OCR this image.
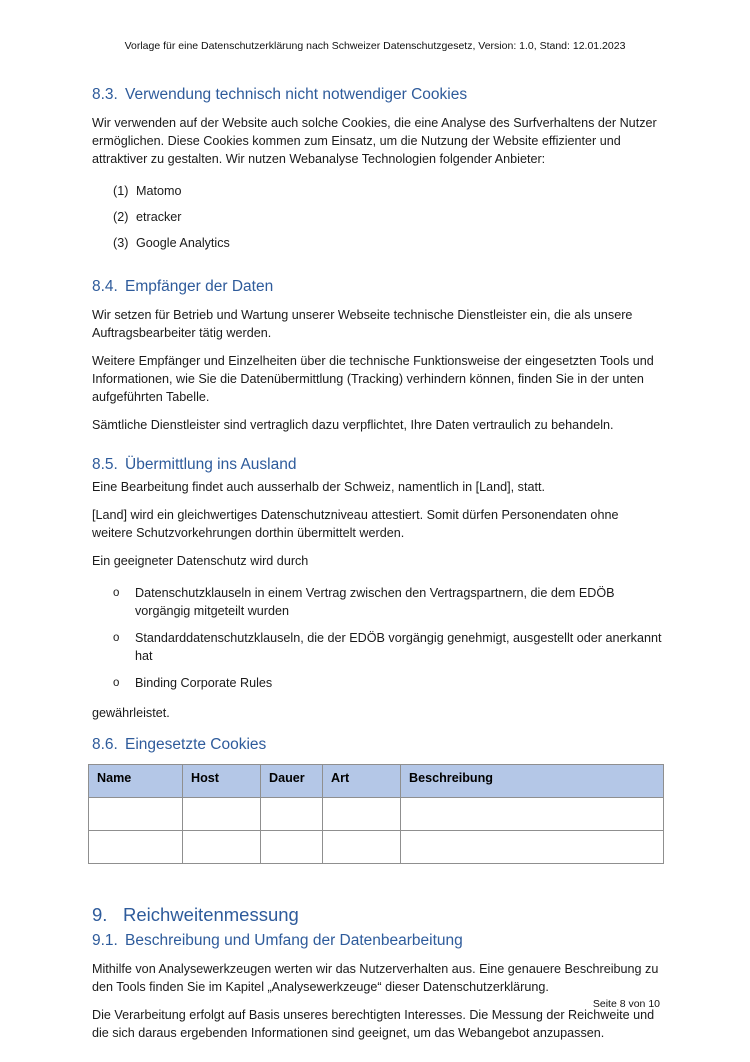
Vorlage für eine Datenschutzerklärung nach Schweizer Datenschutzgesetz, Version: 1.0, Stand: 12.01.2023
8.3. Verwendung technisch nicht notwendiger Cookies

Wir verwenden auf der Website auch solche Cookies, die eine Analyse des Surfverhaltens der Nutzer ermöglichen. Diese Cookies kommen zum Einsatz, um die Nutzung der Website effizienter und attraktiver zu gestalten. Wir nutzen Webanalyse Technologien folgender Anbieter:

(1) Matomo
(2) etracker
(3) Google Analytics
8.4. Empfänger der Daten

Wir setzen für Betrieb und Wartung unserer Webseite technische Dienstleister ein, die als unsere Auftragsbearbeiter tätig werden.

Weitere Empfänger und Einzelheiten über die technische Funktionsweise der eingesetzten Tools und Informationen, wie Sie die Datenübermittlung (Tracking) verhindern können, finden Sie in der unten aufgeführten Tabelle.

Sämtliche Dienstleister sind vertraglich dazu verpflichtet, Ihre Daten vertraulich zu behandeln.

8.5. Übermittlung ins Ausland

Eine Bearbeitung findet auch ausserhalb der Schweiz, namentlich in [Land], statt.

[Land] wird ein gleichwertiges Datenschutzniveau attestiert. Somit dürfen Personendaten ohne weitere Schutzvorkehrungen dorthin übermittelt werden.

Ein geeigneter Datenschutz wird durch

o	Datenschutzklauseln in einem Vertrag zwischen den Vertragspartnern, die dem EDÖB vorgängig mitgeteilt wurden
o	Standarddatenschutzklauseln, die der EDÖB vorgängig genehmigt, ausgestellt oder anerkannt hat
o	Binding Corporate Rules

gewährleistet.

8.6. Eingesetzte Cookies
Name	Host	Dauer	Art	Beschreibung

9. Reichweitenmessung
9.1. Beschreibung und Umfang der Datenbearbeitung

Mithilfe von Analysewerkzeugen werten wir das Nutzerverhalten aus. Eine genauere Beschreibung zu den Tools finden Sie im Kapitel „Analysewerkzeuge“ dieser Datenschutzerklärung.

Die Verarbeitung erfolgt auf Basis unseres berechtigten Interesses. Die Messung der Reichweite und die sich daraus ergebenden Informationen sind geeignet, um das Webangebot anzupassen.

Seite 8 von 10
